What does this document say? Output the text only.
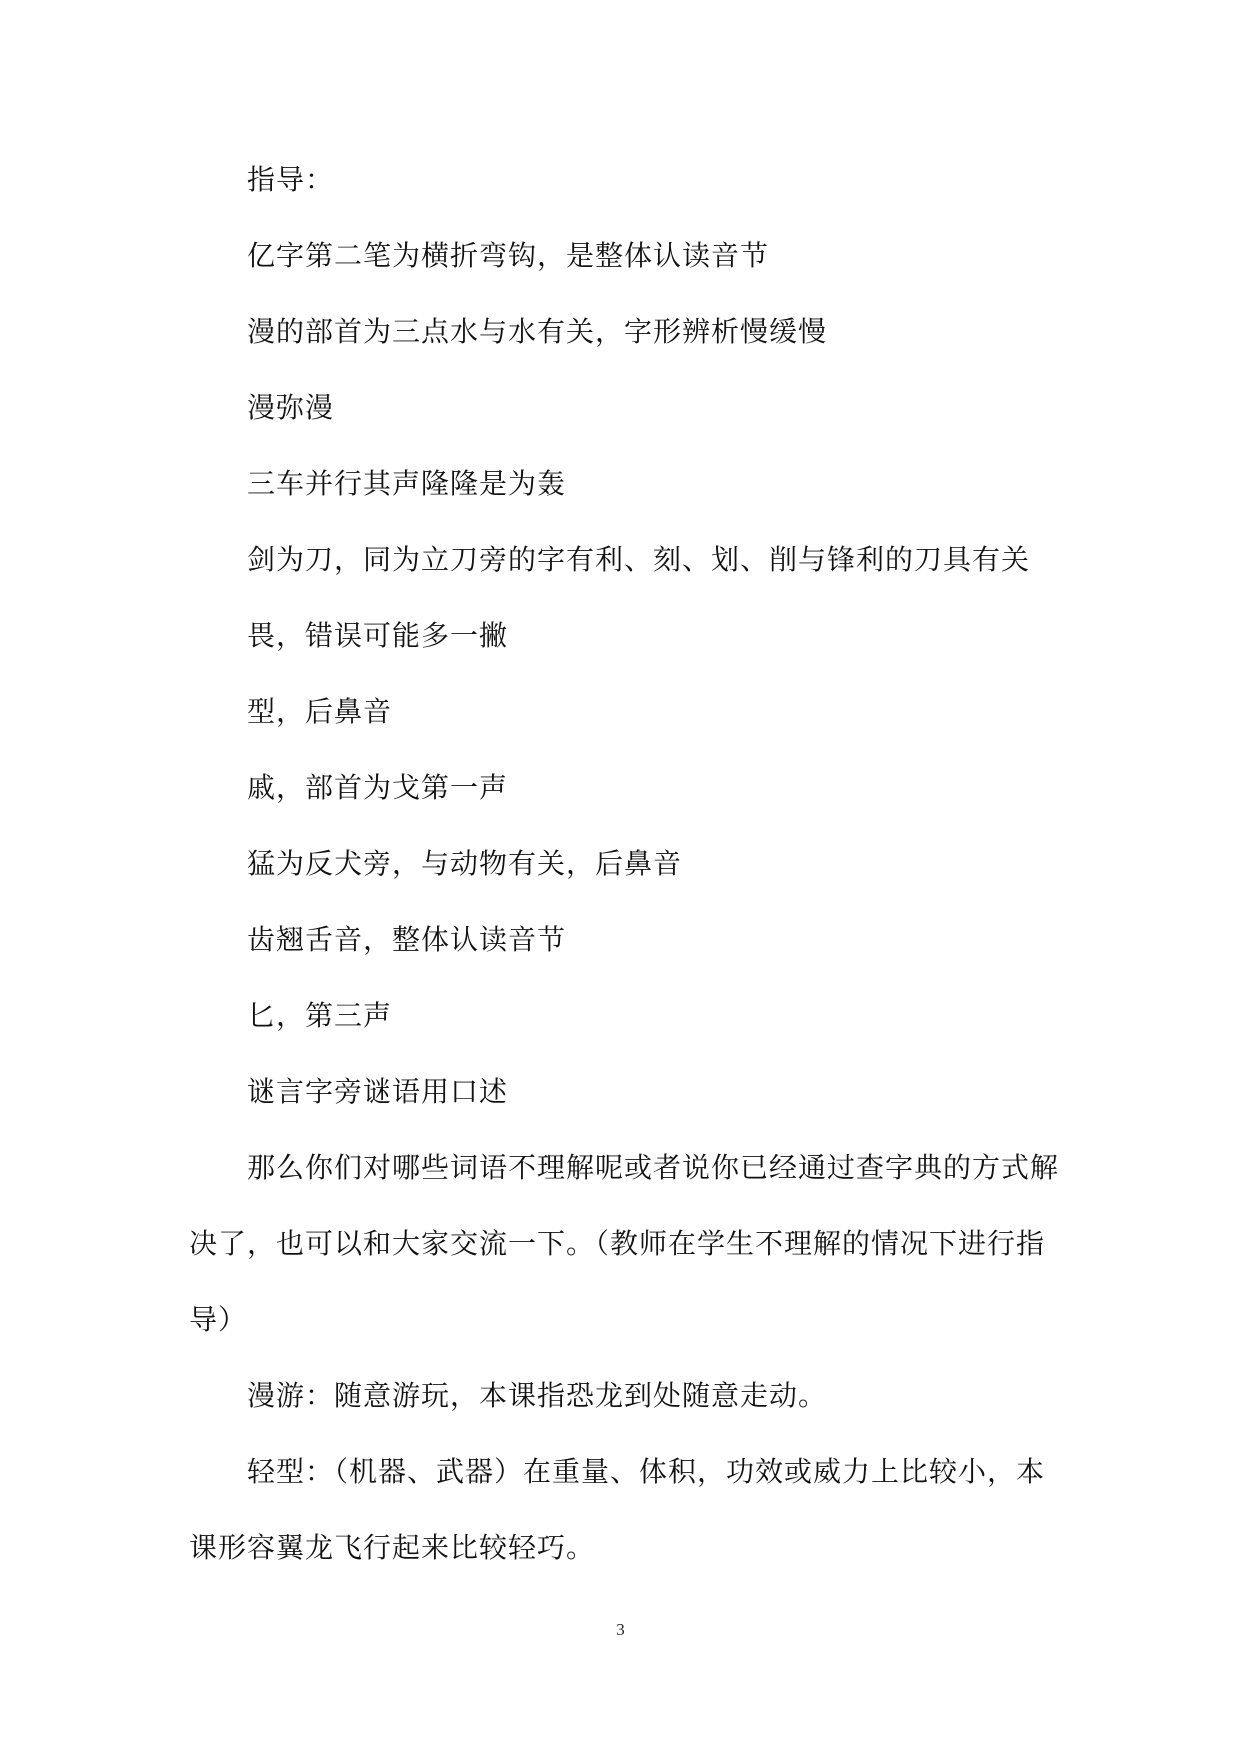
指导：

亿字第二笔为横折弯钩，是整体认读音节

漫的部首为三点水与水有关，字形辨析慢缓慢

漫弥漫

三车并行其声隆隆是为轰

剑为刀，同为立刀旁的字有利、刻、划、削与锋利的刀具有关

畏，错误可能多一撇

型，后鼻音

戚，部首为戈第一声

猛为反犬旁，与动物有关，后鼻音

齿翘舌音，整体认读音节

匕，第三声

谜言字旁谜语用口述

那么你们对哪些词语不理解呢或者说你已经通过查字典的方式解决了，也可以和大家交流一下。（教师在学生不理解的情况下进行指导）

漫游：随意游玩，本课指恐龙到处随意走动。

轻型：（机器、武器）在重量、体积，功效或威力上比较小，本课形容翼龙飞行起来比较轻巧。

3
